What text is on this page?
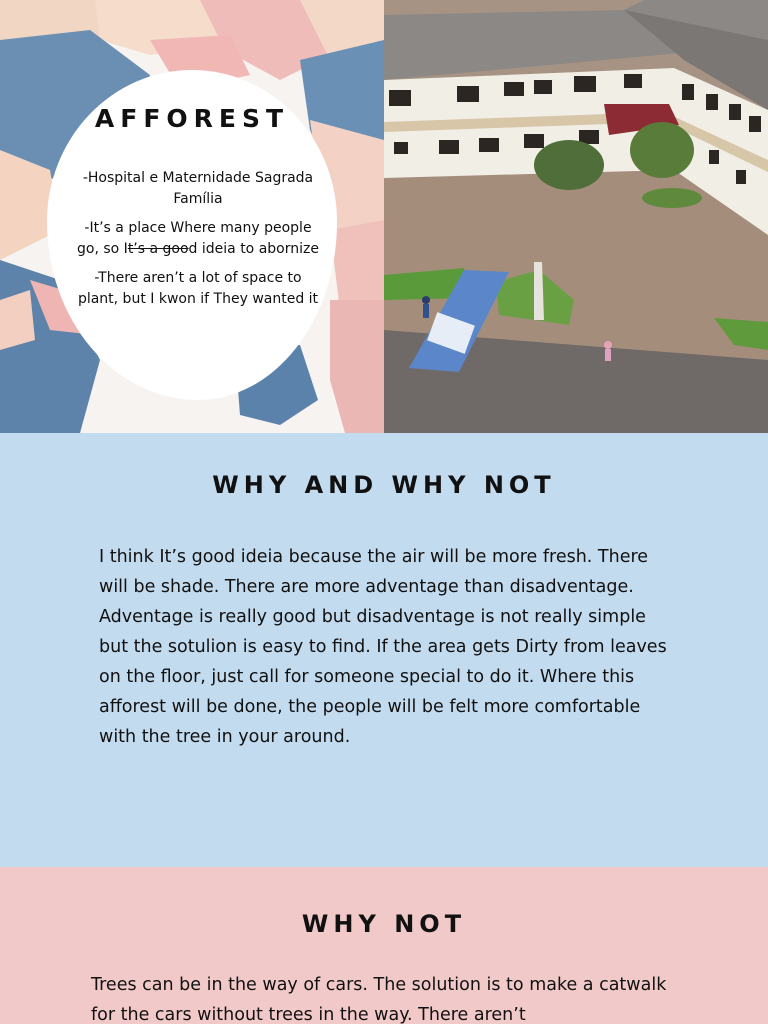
AFFOREST

-Hospital e Maternidade Sagrada Família

-It’s a place Where many people go, so It’s a good ideia to abornize

-There aren’t a lot of space to plant, but I kwon if They wanted it

WHY AND WHY NOT
I think It’s good ideia because the air will be more fresh. There will be shade. There are more adventage than disadventage. Adventage is really good but disadventage is not really simple but the sotulion is easy to find. If the area gets Dirty from leaves on the floor, just call for someone special to do it. Where this afforest will be done, the people will be felt more comfortable with the tree in your around.
WHY NOT
Trees can be in the way of cars. The solution is to make a catwalk for the cars without trees in the way. There aren’t
